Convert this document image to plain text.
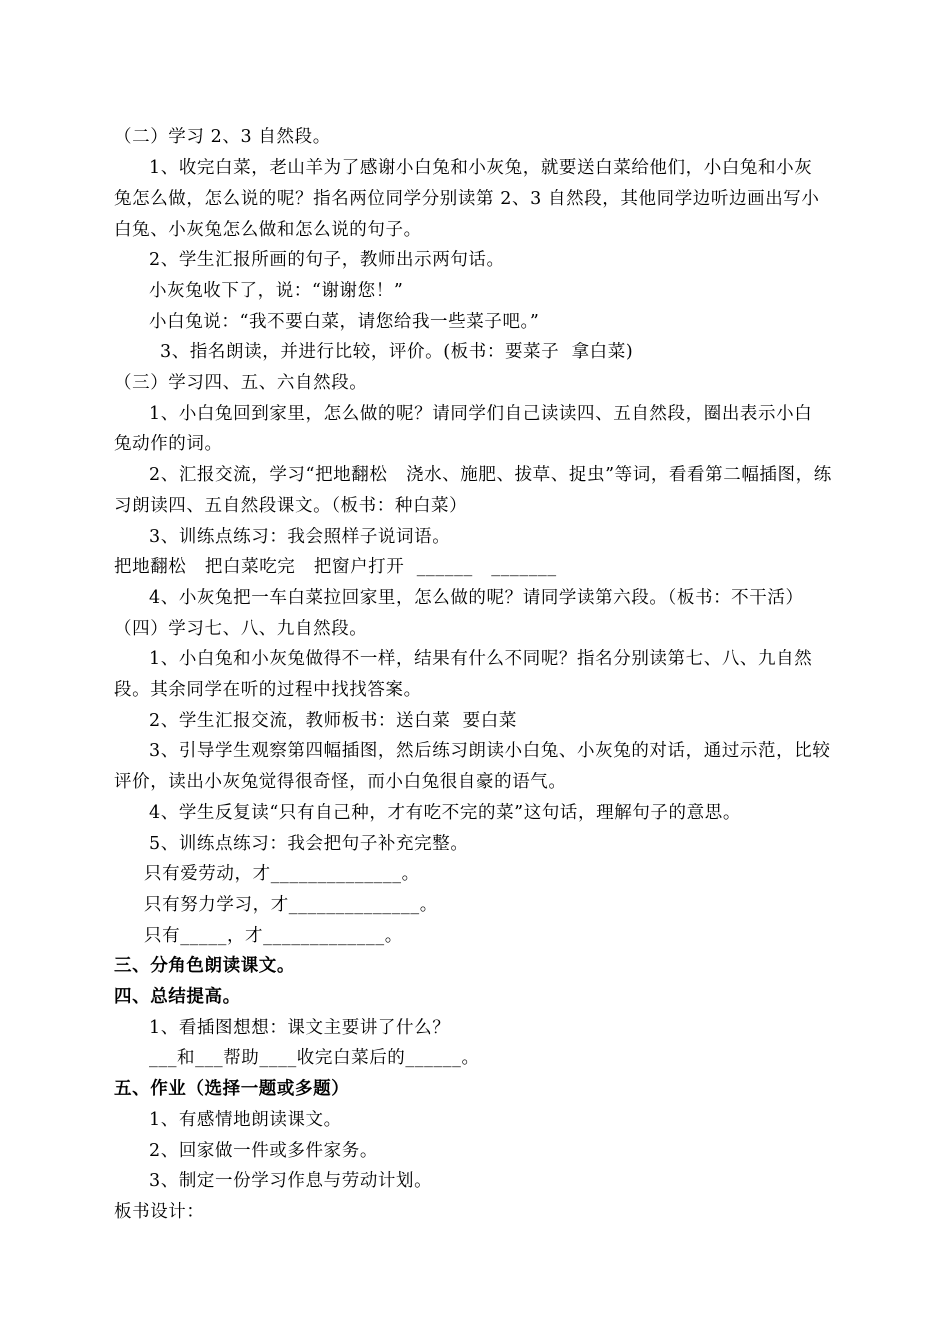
（二）学习 2、3 自然段。
1、收完白菜，老山羊为了感谢小白兔和小灰兔，就要送白菜给他们，小白兔和小灰
兔怎么做，怎么说的呢？指名两位同学分别读第 2、3 自然段，其他同学边听边画出写小
白兔、小灰兔怎么做和怎么说的句子。
2、学生汇报所画的句子，教师出示两句话。
小灰兔收下了，说：“谢谢您！”
小白兔说：“我不要白菜，请您给我一些菜子吧。”
3、指名朗读，并进行比较，评价。(板书：要菜子  拿白菜)
（三）学习四、五、六自然段。
1、小白兔回到家里，怎么做的呢？请同学们自己读读四、五自然段，圈出表示小白
兔动作的词。
2、汇报交流，学习“把地翻松   浇水、施肥、拔草、捉虫”等词，看看第二幅插图，练
习朗读四、五自然段课文。（板书：种白菜）
3、训练点练习：我会照样子说词语。
把地翻松   把白菜吃完   把窗户打开  ______   _______
4、小灰兔把一车白菜拉回家里，怎么做的呢？请同学读第六段。（板书：不干活）
（四）学习七、八、九自然段。
1、小白兔和小灰兔做得不一样，结果有什么不同呢？指名分别读第七、八、九自然
段。其余同学在听的过程中找找答案。
2、学生汇报交流，教师板书：送白菜  要白菜
3、引导学生观察第四幅插图，然后练习朗读小白兔、小灰兔的对话，通过示范，比较
评价，读出小灰兔觉得很奇怪，而小白兔很自豪的语气。
4、学生反复读“只有自己种，才有吃不完的菜”这句话，理解句子的意思。
5、训练点练习：我会把句子补充完整。
只有爱劳动，才______________。
只有努力学习，才______________。
只有_____，才_____________。
三、分角色朗读课文。
四、总结提高。
1、看插图想想：课文主要讲了什么？
___和___帮助____收完白菜后的______。
五、作业（选择一题或多题）
1、有感情地朗读课文。
2、回家做一件或多件家务。
3、制定一份学习作息与劳动计划。
板书设计：
